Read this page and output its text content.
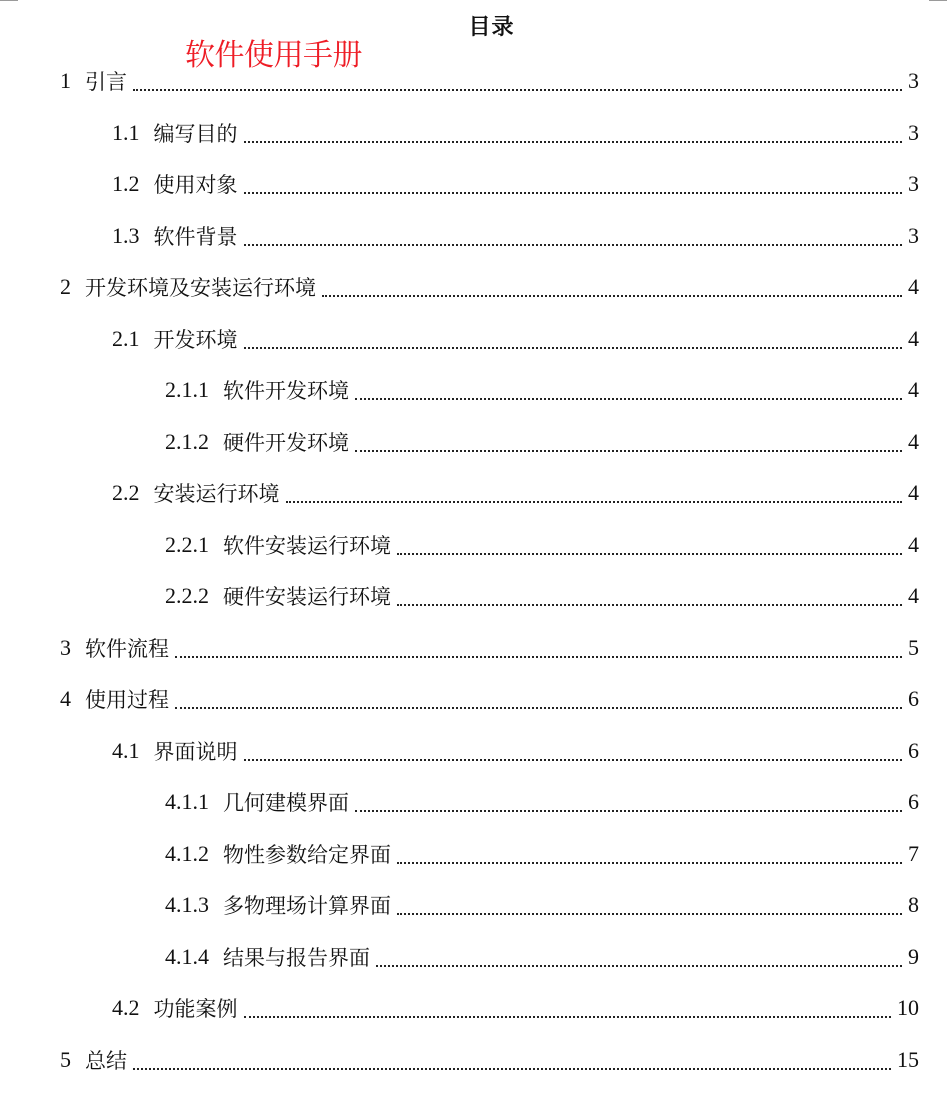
目录
软件使用手册
1 引言	3
1.1 编写目的	3
1.2 使用对象	3
1.3 软件背景	3
2 开发环境及安装运行环境	4
2.1 开发环境	4
2.1.1 软件开发环境	4
2.1.2 硬件开发环境	4
2.2 安装运行环境	4
2.2.1 软件安装运行环境	4
2.2.2 硬件安装运行环境	4
3 软件流程	5
4 使用过程	6
4.1 界面说明	6
4.1.1 几何建模界面	6
4.1.2 物性参数给定界面	7
4.1.3 多物理场计算界面	8
4.1.4 结果与报告界面	9
4.2 功能案例	10
5 总结	15
